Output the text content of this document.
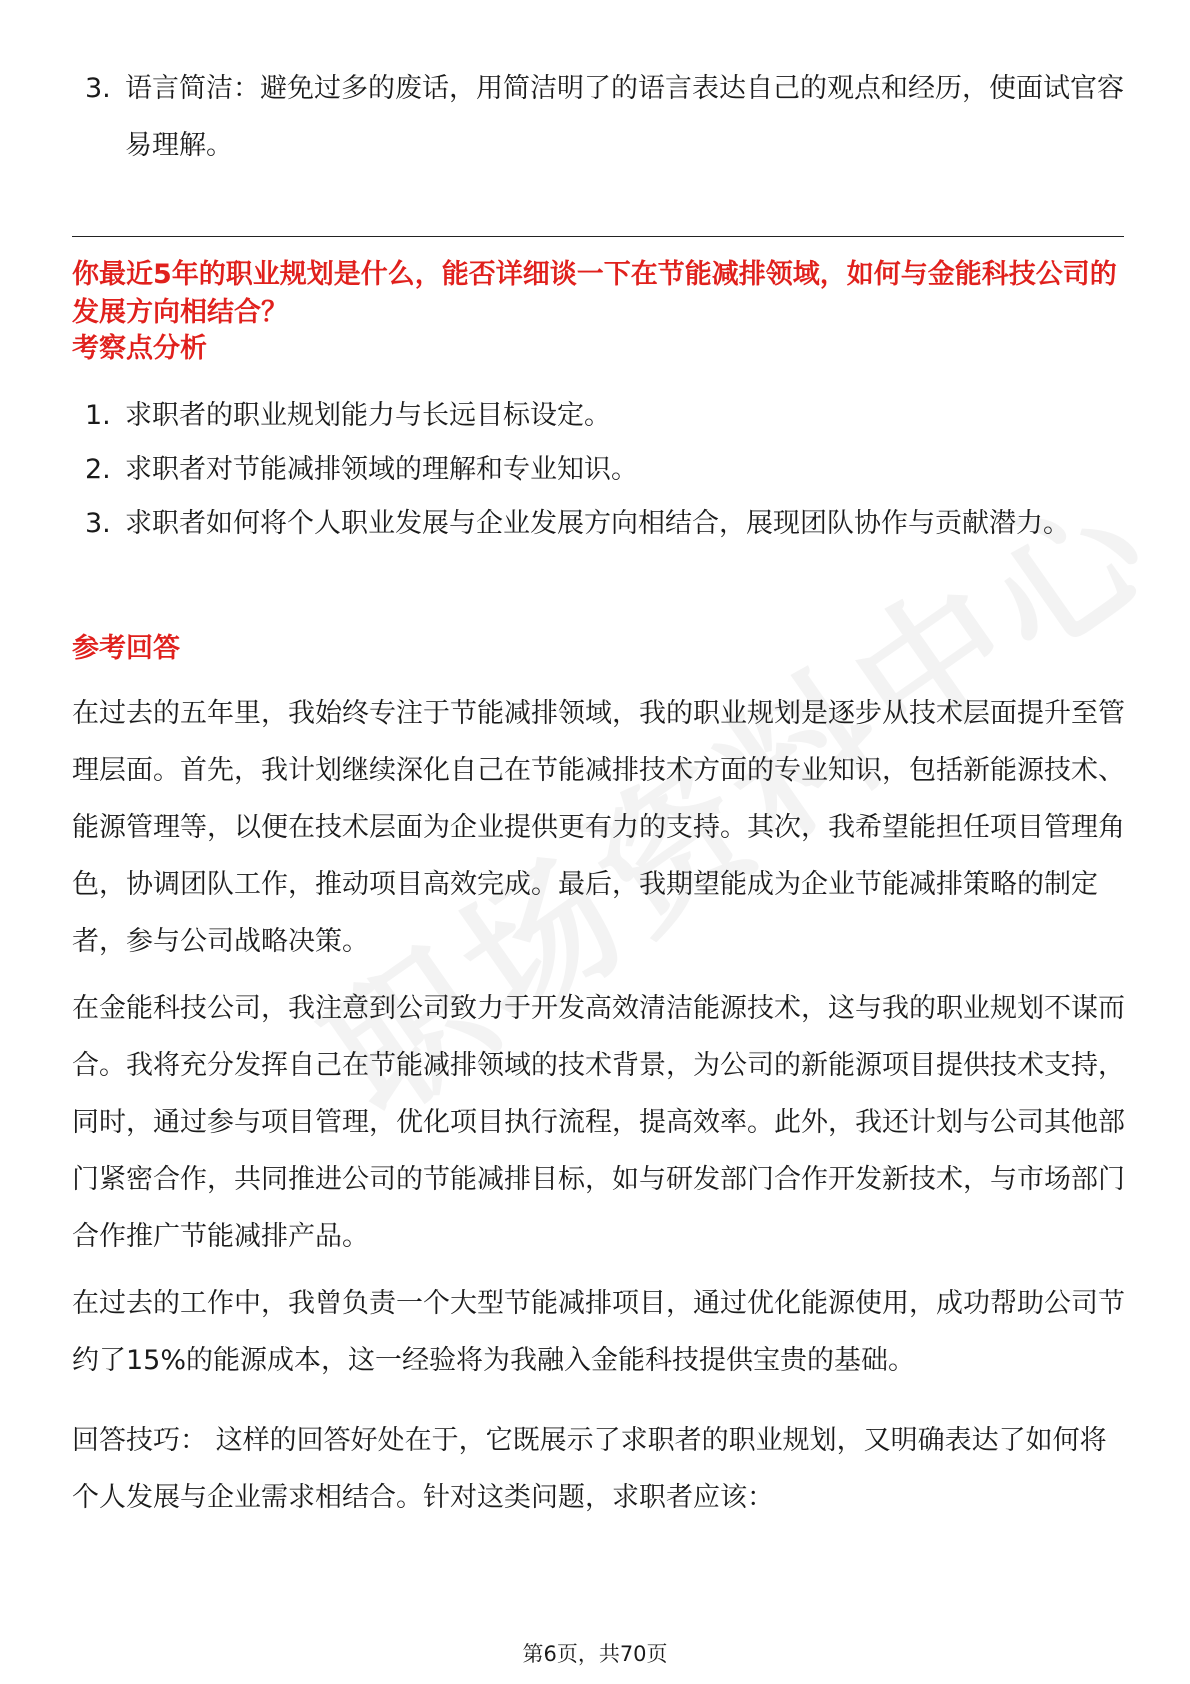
3. 语言简洁：避免过多的废话，用简洁明了的语言表达自己的观点和经历，使面试官容易理解。
你最近5年的职业规划是什么，能否详细谈一下在节能减排领域，如何与金能科技公司的发展方向相结合？
考察点分析
1. 求职者的职业规划能力与长远目标设定。
2. 求职者对节能减排领域的理解和专业知识。
3. 求职者如何将个人职业发展与企业发展方向相结合，展现团队协作与贡献潜力。
参考回答
在过去的五年里，我始终专注于节能减排领域，我的职业规划是逐步从技术层面提升至管理层面。首先，我计划继续深化自己在节能减排技术方面的专业知识，包括新能源技术、能源管理等，以便在技术层面为企业提供更有力的支持。其次，我希望能担任项目管理角色，协调团队工作，推动项目高效完成。最后，我期望能成为企业节能减排策略的制定者，参与公司战略决策。
在金能科技公司，我注意到公司致力于开发高效清洁能源技术，这与我的职业规划不谋而合。我将充分发挥自己在节能减排领域的技术背景，为公司的新能源项目提供技术支持，同时，通过参与项目管理，优化项目执行流程，提高效率。此外，我还计划与公司其他部门紧密合作，共同推进公司的节能减排目标，如与研发部门合作开发新技术，与市场部门合作推广节能减排产品。
在过去的工作中，我曾负责一个大型节能减排项目，通过优化能源使用，成功帮助公司节约了15%的能源成本，这一经验将为我融入金能科技提供宝贵的基础。
回答技巧： 这样的回答好处在于，它既展示了求职者的职业规划，又明确表达了如何将个人发展与企业需求相结合。针对这类问题，求职者应该：
第6页，共70页
